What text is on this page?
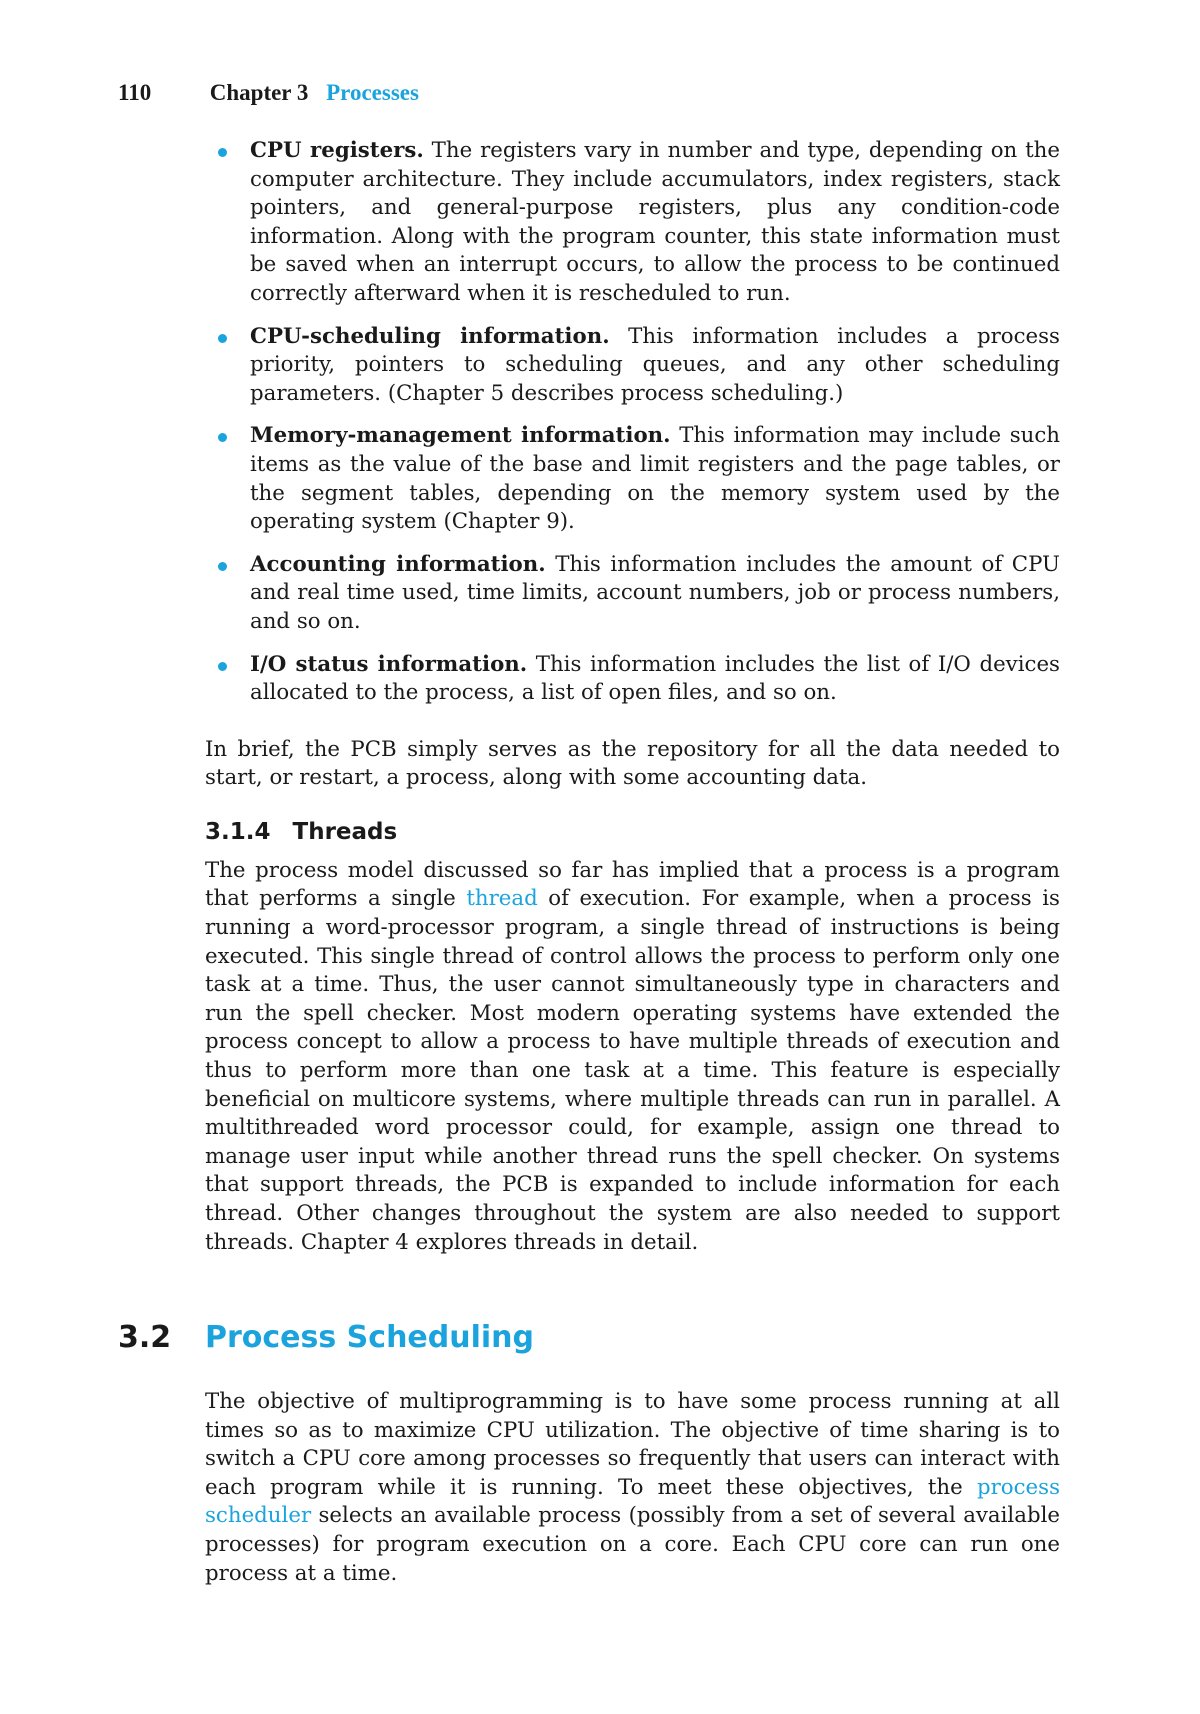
110	Chapter 3 Processes
CPU registers. The registers vary in number and type, depending on the computer architecture. They include accumulators, index registers, stack pointers, and general-purpose registers, plus any condition-code information. Along with the program counter, this state information must be saved when an interrupt occurs, to allow the process to be continued correctly afterward when it is rescheduled to run.
CPU-scheduling information. This information includes a process priority, pointers to scheduling queues, and any other scheduling parameters. (Chapter 5 describes process scheduling.)
Memory-management information. This information may include such items as the value of the base and limit registers and the page tables, or the segment tables, depending on the memory system used by the operating system (Chapter 9).
Accounting information. This information includes the amount of CPU and real time used, time limits, account numbers, job or process numbers, and so on.
I/O status information. This information includes the list of I/O devices allocated to the process, a list of open files, and so on.

In brief, the PCB simply serves as the repository for all the data needed to start, or restart, a process, along with some accounting data.

3.1.4 Threads

The process model discussed so far has implied that a process is a program that performs a single thread of execution. For example, when a process is running a word-processor program, a single thread of instructions is being executed. This single thread of control allows the process to perform only one task at a time. Thus, the user cannot simultaneously type in characters and run the spell checker. Most modern operating systems have extended the process concept to allow a process to have multiple threads of execution and thus to perform more than one task at a time. This feature is especially beneficial on multicore systems, where multiple threads can run in parallel. A multithreaded word processor could, for example, assign one thread to manage user input while another thread runs the spell checker. On systems that support threads, the PCB is expanded to include information for each thread. Other changes throughout the system are also needed to support threads. Chapter 4 explores threads in detail.

3.2 Process Scheduling

The objective of multiprogramming is to have some process running at all times so as to maximize CPU utilization. The objective of time sharing is to switch a CPU core among processes so frequently that users can interact with each program while it is running. To meet these objectives, the process scheduler selects an available process (possibly from a set of several available processes) for program execution on a core. Each CPU core can run one process at a time.
